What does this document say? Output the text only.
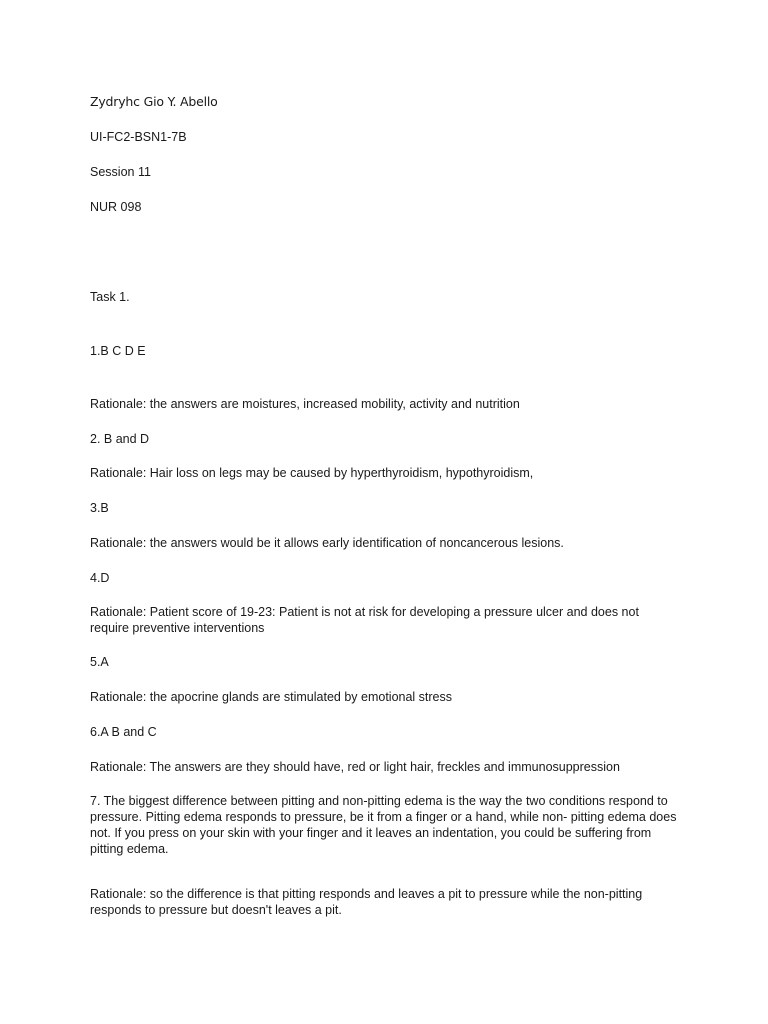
Zydryhc Gio Y. Abello
UI-FC2-BSN1-7B
Session 11
NUR 098
Task 1.
1.B C D E
Rationale: the answers are moistures, increased mobility, activity and nutrition
2. B and D
Rationale: Hair loss on legs may be caused by hyperthyroidism, hypothyroidism,
3.B
Rationale: the answers would be it allows early identification of noncancerous lesions.
4.D
Rationale: Patient score of 19-23: Patient is not at risk for developing a pressure ulcer and does not require preventive interventions
5.A
Rationale: the apocrine glands are stimulated by emotional stress
6.A B and C
Rationale: The answers are they should have, red or light hair, freckles and immunosuppression
7. The biggest difference between pitting and non-pitting edema is the way the two conditions respond to pressure. Pitting edema responds to pressure, be it from a finger or a hand, while non- pitting edema does not. If you press on your skin with your finger and it leaves an indentation, you could be suffering from pitting edema.
Rationale: so the difference is that pitting responds and leaves a pit to pressure while the non-pitting responds to pressure but doesn't leaves a pit.
